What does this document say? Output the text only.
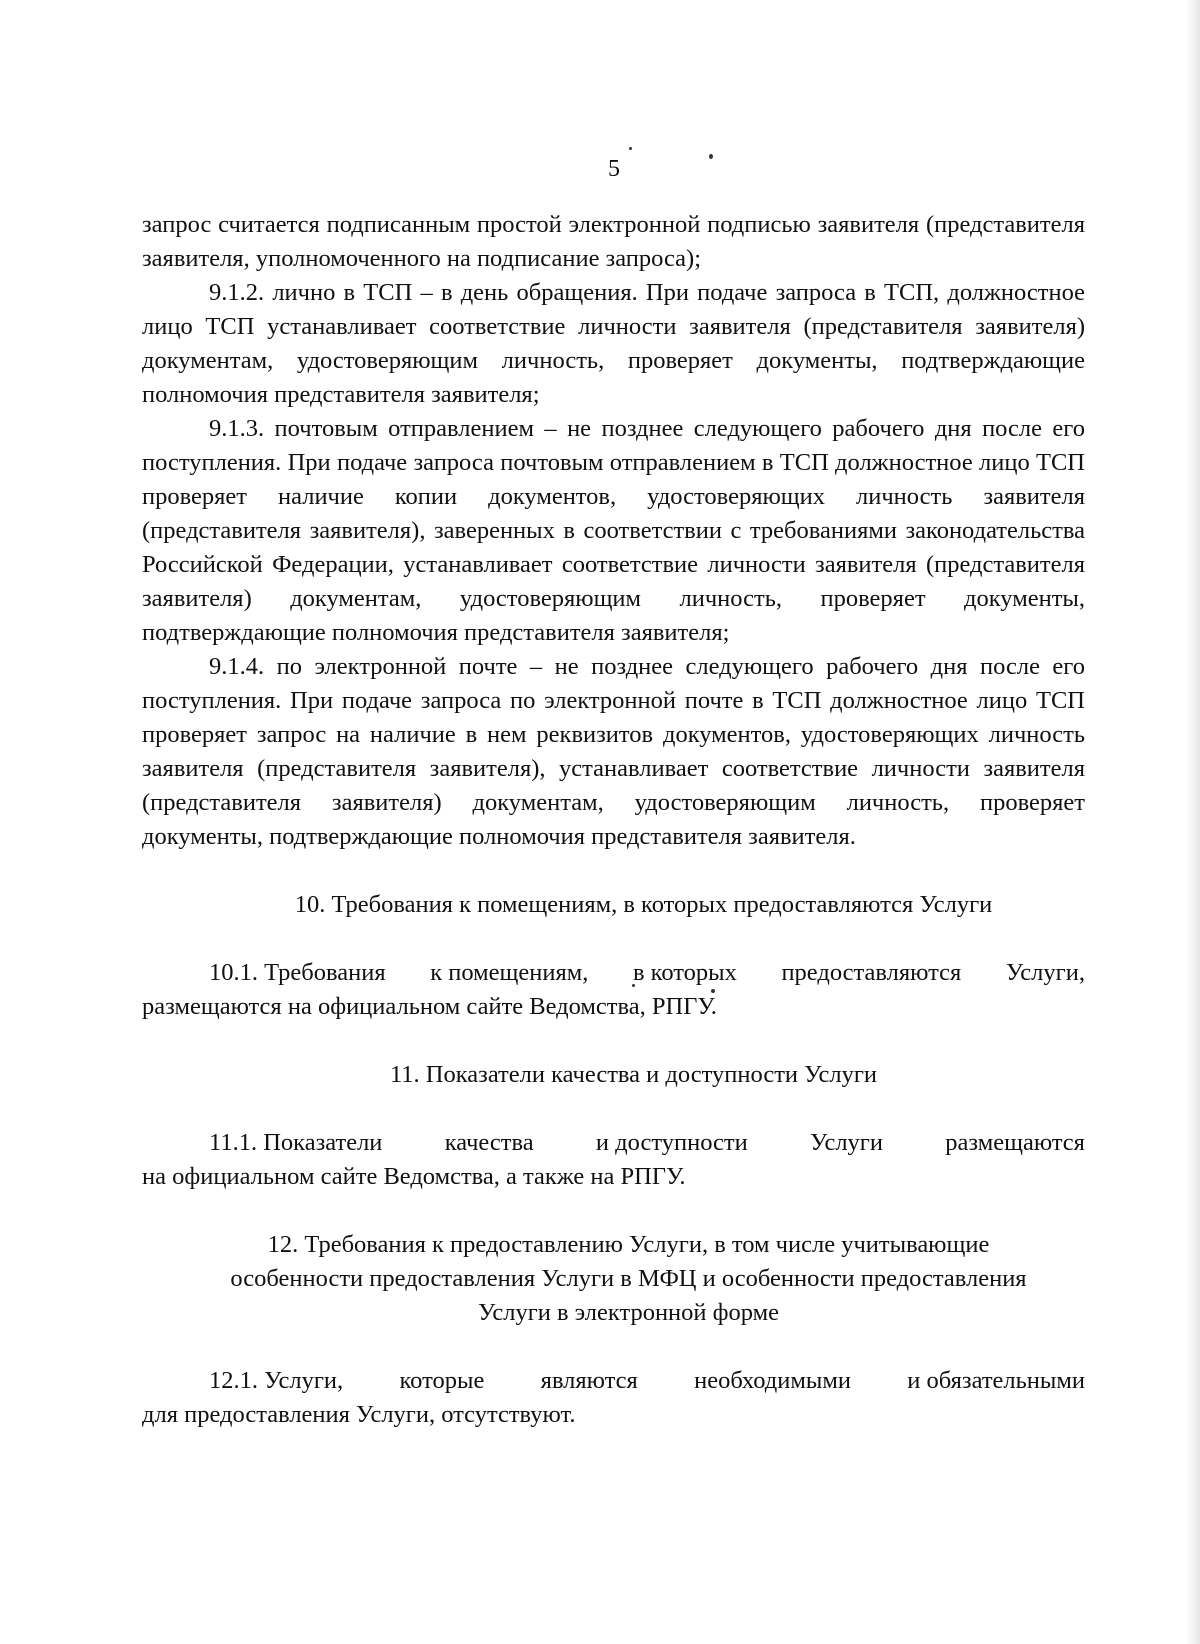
5

запрос считается подписанным простой электронной подписью заявителя (представителя заявителя, уполномоченного на подписание запроса);

9.1.2. лично в ТСП – в день обращения. При подаче запроса в ТСП, должностное лицо ТСП устанавливает соответствие личности заявителя (представителя заявителя) документам, удостоверяющим личность, проверяет документы, подтверждающие полномочия представителя заявителя;

9.1.3. почтовым отправлением – не позднее следующего рабочего дня после его поступления. При подаче запроса почтовым отправлением в ТСП должностное лицо ТСП проверяет наличие копии документов, удостоверяющих личность заявителя (представителя заявителя), заверенных в соответствии с требованиями законодательства Российской Федерации, устанавливает соответствие личности заявителя (представителя заявителя) документам, удостоверяющим личность, проверяет документы, подтверждающие полномочия представителя заявителя;

9.1.4. по электронной почте – не позднее следующего рабочего дня после его поступления. При подаче запроса по электронной почте в ТСП должностное лицо ТСП проверяет запрос на наличие в нем реквизитов документов, удостоверяющих личность заявителя (представителя заявителя), устанавливает соответствие личности заявителя (представителя заявителя) документам, удостоверяющим личность, проверяет документы, подтверждающие полномочия представителя заявителя.

10. Требования к помещениям, в которых предоставляются Услуги

10.1. Требования к помещениям, в которых предоставляются Услуги,

размещаются на официальном сайте Ведомства, РПГУ.

11. Показатели качества и доступности Услуги

11.1. Показатели	качества	и доступности	Услуги	размещаются

на официальном сайте Ведомства, а также на РПГУ.

12. Требования к предоставлению Услуги, в том числе учитывающие
особенности предоставления Услуги в МФЦ и особенности предоставления
Услуги в электронной форме
12.1. Услуги, которые являются необходимыми и обязательными

для предоставления Услуги, отсутствуют.
